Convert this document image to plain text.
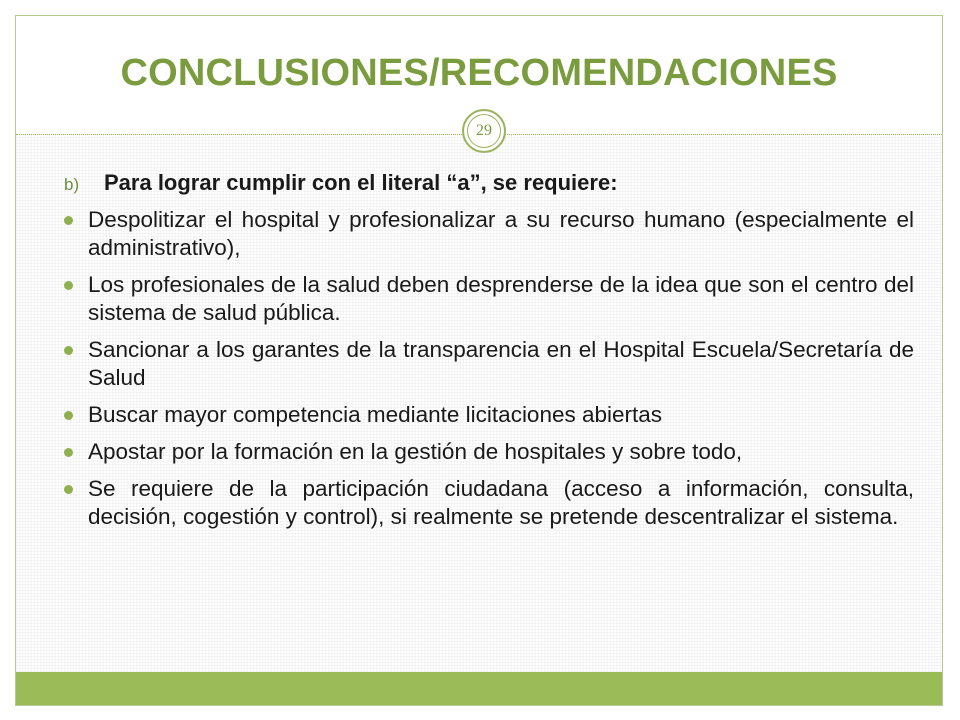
CONCLUSIONES/RECOMENDACIONES
29
b)	Para lograr cumplir con el literal “a”, se requiere:
Despolitizar el hospital y profesionalizar a su recurso humano (especialmente el administrativo),
Los profesionales de la salud deben desprenderse de la idea que son el centro del sistema de salud pública.
Sancionar a los garantes de la transparencia en el Hospital Escuela/Secretaría de Salud
Buscar mayor competencia mediante licitaciones abiertas
Apostar por la formación en la gestión de hospitales y sobre todo,
Se requiere de la participación ciudadana (acceso a información, consulta, decisión, cogestión y control), si realmente se pretende descentralizar el sistema.
